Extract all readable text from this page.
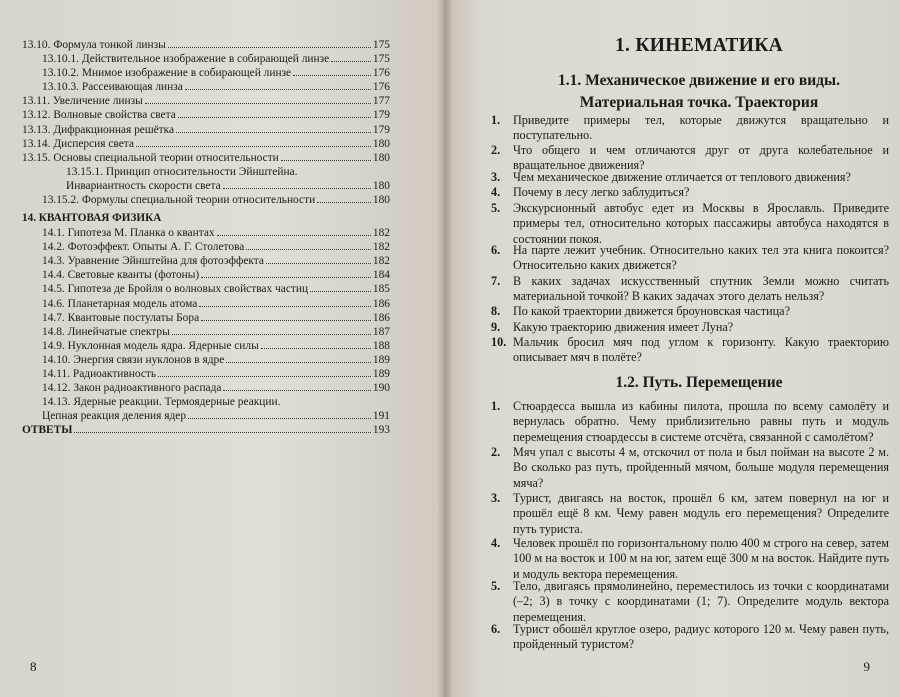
13.10. Формула тонкой линзы	175
13.10.1. Действительное изображение в собирающей линзе	175
13.10.2. Мнимое изображение в собирающей линзе	176
13.10.3. Рассеивающая линза	176
13.11. Увеличение линзы	177
13.12. Волновые свойства света	179
13.13. Дифракционная решётка	179
13.14. Дисперсия света	180
13.15. Основы специальной теории относительности	180
13.15.1. Принцип относительности Эйнштейна.
Инвариантность скорости света	180
13.15.2. Формулы специальной теории относительности	180
14. КВАНТОВАЯ ФИЗИКА
14.1. Гипотеза М. Планка о квантах	182
14.2. Фотоэффект. Опыты А. Г. Столетова	182
14.3. Уравнение Эйнштейна для фотоэффекта	182
14.4. Световые кванты (фотоны)	184
14.5. Гипотеза де Бройля о волновых свойствах частиц	185
14.6. Планетарная модель атома	186
14.7. Квантовые постулаты Бора	186
14.8. Линейчатые спектры	187
14.9. Нуклонная модель ядра. Ядерные силы	188
14.10. Энергия связи нуклонов в ядре	189
14.11. Радиоактивность	189
14.12. Закон радиоактивного распада	190
14.13. Ядерные реакции. Термоядерные реакции.
Цепная реакция деления ядер	191
ОТВЕТЫ	193
8
1. КИНЕМАТИКА
1.1. Механическое движение и его виды.
Материальная точка. Траектория
1.	Приведите примеры тел, которые движутся вращательно и поступательно.
2.	Что общего и чем отличаются друг от друга колебательное и вращательное движения?
3.	Чем механическое движение отличается от теплового движения?
4.	Почему в лесу легко заблудиться?
5.	Экскурсионный автобус едет из Москвы в Ярославль. Приведите примеры тел, относительно которых пассажиры автобуса находятся в состоянии покоя.
6.	На парте лежит учебник. Относительно каких тел эта книга покоится? Относительно каких движется?
7.	В каких задачах искусственный спутник Земли можно считать материальной точкой? В каких задачах этого делать нельзя?
8.	По какой траектории движется броуновская частица?
9.	Какую траекторию движения имеет Луна?
10. Мальчик бросил мяч под углом к горизонту. Какую траекторию описывает мяч в полёте?
1.2. Путь. Перемещение
1.	Стюардесса вышла из кабины пилота, прошла по всему самолёту и вернулась обратно. Чему приблизительно равны путь и модуль перемещения стюардессы в системе отсчёта, связанной с самолётом?
2.	Мяч упал с высоты 4 м, отскочил от пола и был пойман на высоте 2 м. Во сколько раз путь, пройденный мячом, больше модуля перемещения мяча?
3.	Турист, двигаясь на восток, прошёл 6 км, затем повернул на юг и прошёл ещё 8 км. Чему равен модуль его перемещения? Определите путь туриста.
4.	Человек прошёл по горизонтальному полю 400 м строго на север, затем 100 м на восток и 100 м на юг, затем ещё 300 м на восток. Найдите путь и модуль вектора перемещения.
5.	Тело, двигаясь прямолинейно, переместилось из точки с координатами (–2; 3) в точку с координатами (1; 7). Определите модуль вектора перемещения.
6.	Турист обошёл круглое озеро, радиус которого 120 м. Чему равен путь, пройденный туристом?
9
